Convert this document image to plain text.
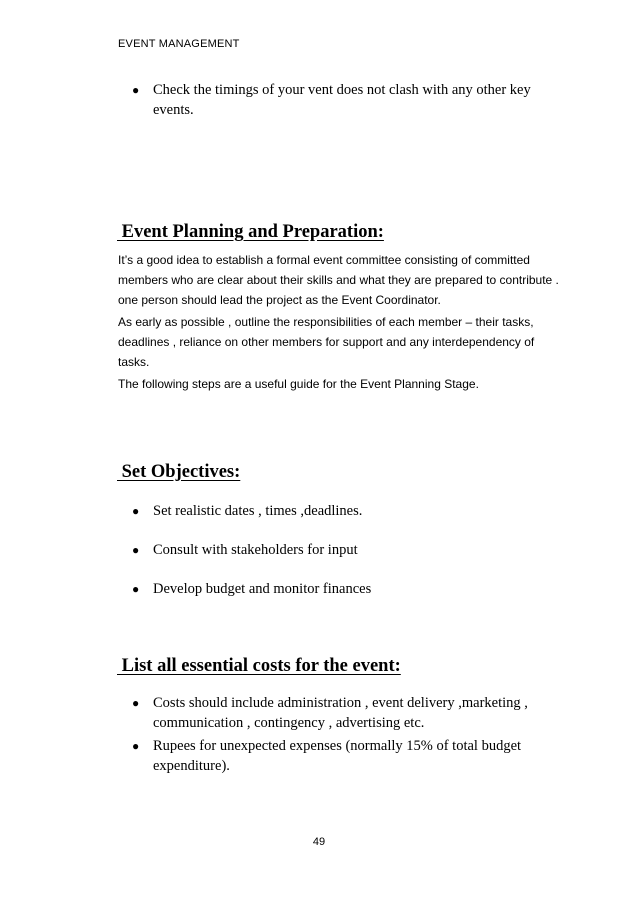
EVENT MANAGEMENT
● Check the timings of your vent does not clash with any other key events.
Event Planning and Preparation:

It’s a good idea to establish a formal event committee consisting of committed members who are clear about their skills and what they are prepared to contribute . one person should lead the project as the Event Coordinator.

As early as possible , outline the responsibilities of each member – their tasks, deadlines , reliance on other members for support and any interdependency of tasks.

The following steps are a useful guide for the Event Planning Stage.

Set Objectives:
● Set realistic dates , times ,deadlines.
● Consult with stakeholders for input
● Develop budget and monitor finances
List all essential costs for the event:
● Costs should include administration , event delivery ,marketing , communication , contingency , advertising etc.
● Rupees for unexpected expenses (normally 15% of total budget expenditure).
49
